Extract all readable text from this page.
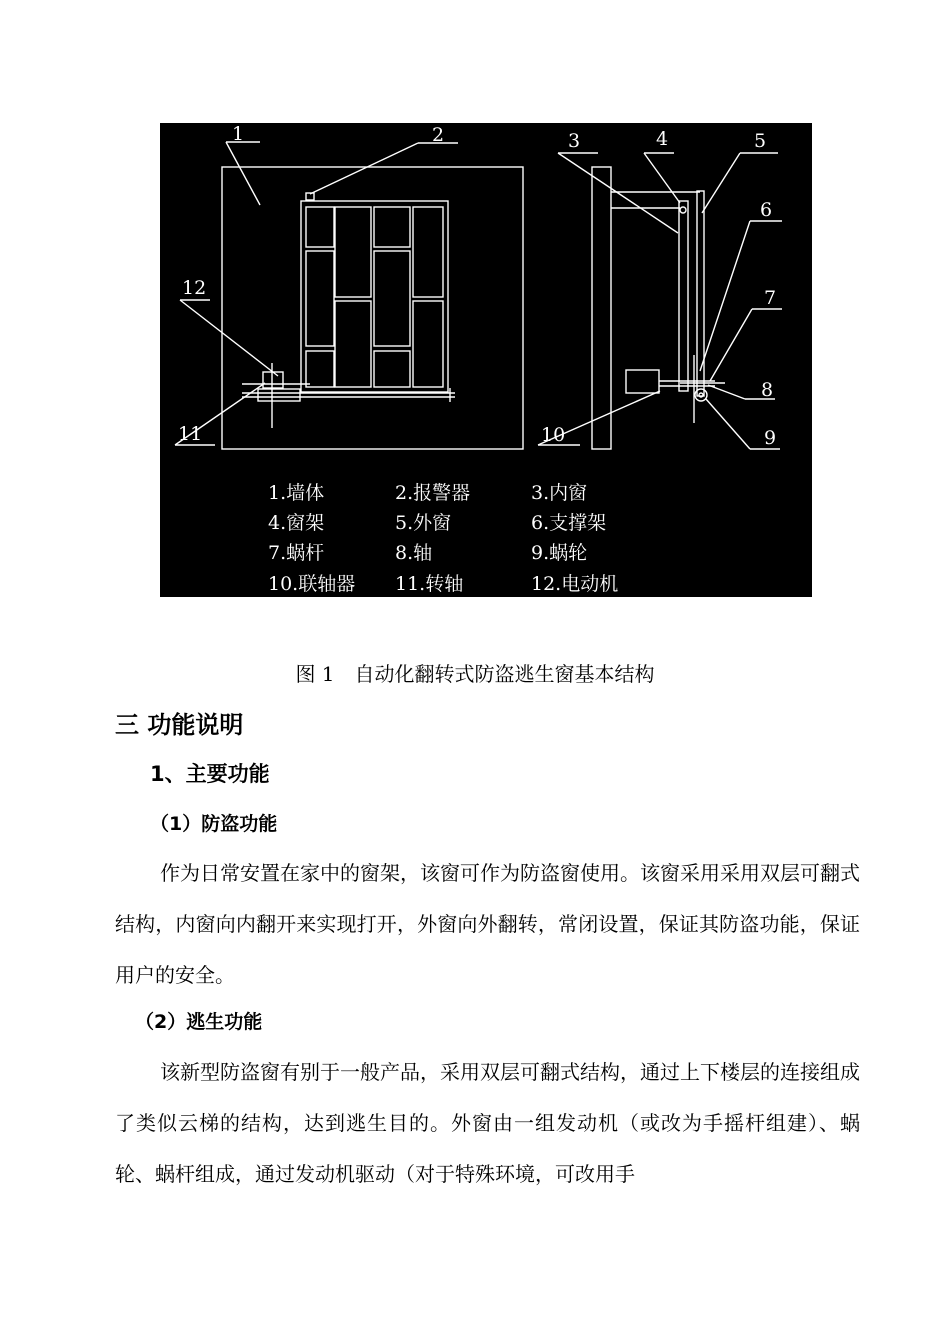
1	2	3	4	5
6
7
8
9
10
11
12
1.墙体	2.报警器	3.内窗
4.窗架	5.外窗	6.支撑架
7.蜗杆	8.轴	9.蜗轮
10.联轴器 11.转轴	12.电动机
图 1　自动化翻转式防盗逃生窗基本结构
三 功能说明
1、主要功能
（1）防盗功能

作为日常安置在家中的窗架，该窗可作为防盗窗使用。该窗采用采用双层可翻式结构，内窗向内翻开来实现打开，外窗向外翻转，常闭设置，保证其防盗功能，保证用户的安全。

（2）逃生功能

该新型防盗窗有别于一般产品，采用双层可翻式结构，通过上下楼层的连接组成了类似云梯的结构，达到逃生目的。外窗由一组发动机（或改为手摇杆组建）、蜗轮、蜗杆组成，通过发动机驱动（对于特殊环境，可改用手
